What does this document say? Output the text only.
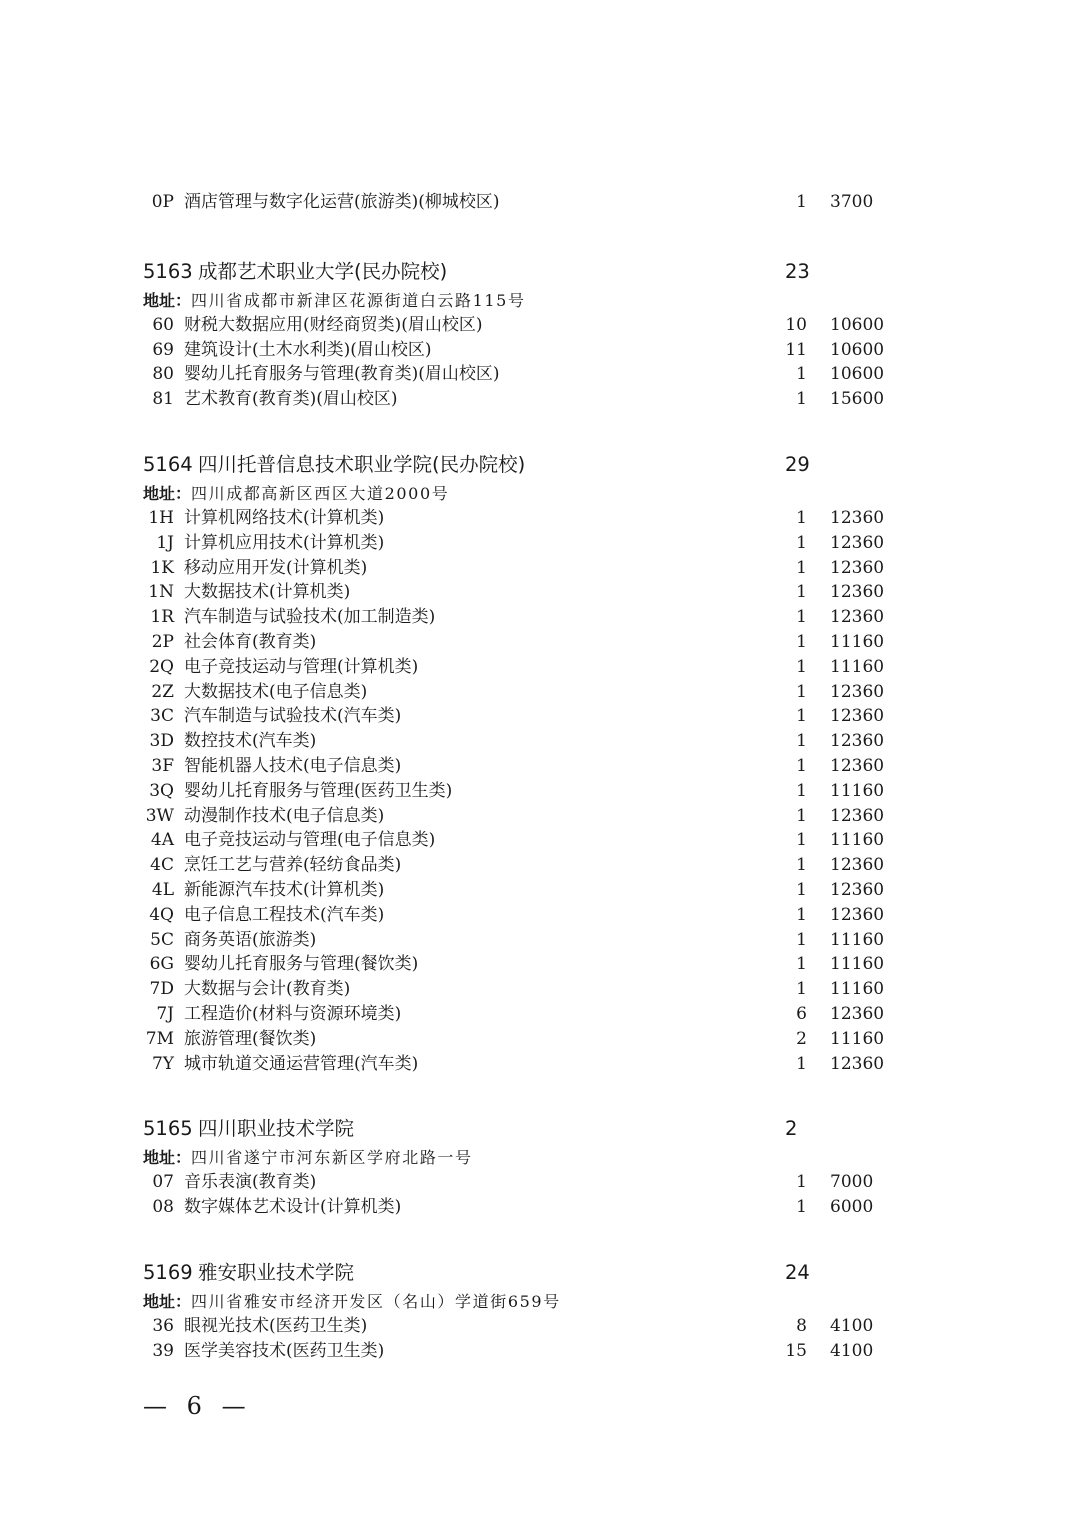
0P 酒店管理与数字化运营(旅游类)(柳城校区)	1 3700
5163 成都艺术职业大学(民办院校)	23
地址：四川省成都市新津区花源街道白云路115号
60 财税大数据应用(财经商贸类)(眉山校区)	10 10600
69 建筑设计(土木水利类)(眉山校区)	11 10600
80 婴幼儿托育服务与管理(教育类)(眉山校区)	1 10600
81 艺术教育(教育类)(眉山校区)	1 15600
5164 四川托普信息技术职业学院(民办院校)	29
地址：四川成都高新区西区大道2000号
1H 计算机网络技术(计算机类)	1 12360
1J 计算机应用技术(计算机类)	1 12360
1K 移动应用开发(计算机类)	1 12360
1N 大数据技术(计算机类)	1 12360
1R 汽车制造与试验技术(加工制造类)	1 12360
2P 社会体育(教育类)	1 11160
2Q 电子竞技运动与管理(计算机类)	1 11160
2Z 大数据技术(电子信息类)	1 12360
3C 汽车制造与试验技术(汽车类)	1 12360
3D 数控技术(汽车类)	1 12360
3F 智能机器人技术(电子信息类)	1 12360
3Q 婴幼儿托育服务与管理(医药卫生类)	1 11160
3W 动漫制作技术(电子信息类)	1 12360
4A 电子竞技运动与管理(电子信息类)	1 11160
4C 烹饪工艺与营养(轻纺食品类)	1 12360
4L 新能源汽车技术(计算机类)	1 12360
4Q 电子信息工程技术(汽车类)	1 12360
5C 商务英语(旅游类)	1 11160
6G 婴幼儿托育服务与管理(餐饮类)	1 11160
7D 大数据与会计(教育类)	1 11160
7J 工程造价(材料与资源环境类)	6 12360
7M 旅游管理(餐饮类)	2 11160
7Y 城市轨道交通运营管理(汽车类)	1 12360
5165 四川职业技术学院	2
地址：四川省遂宁市河东新区学府北路一号
07 音乐表演(教育类)	1 7000
08 数字媒体艺术设计(计算机类)	1 6000
5169 雅安职业技术学院	24
地址：四川省雅安市经济开发区（名山）学道街659号
36 眼视光技术(医药卫生类)	8 4100
39 医学美容技术(医药卫生类)	15 4100
— 6 —
